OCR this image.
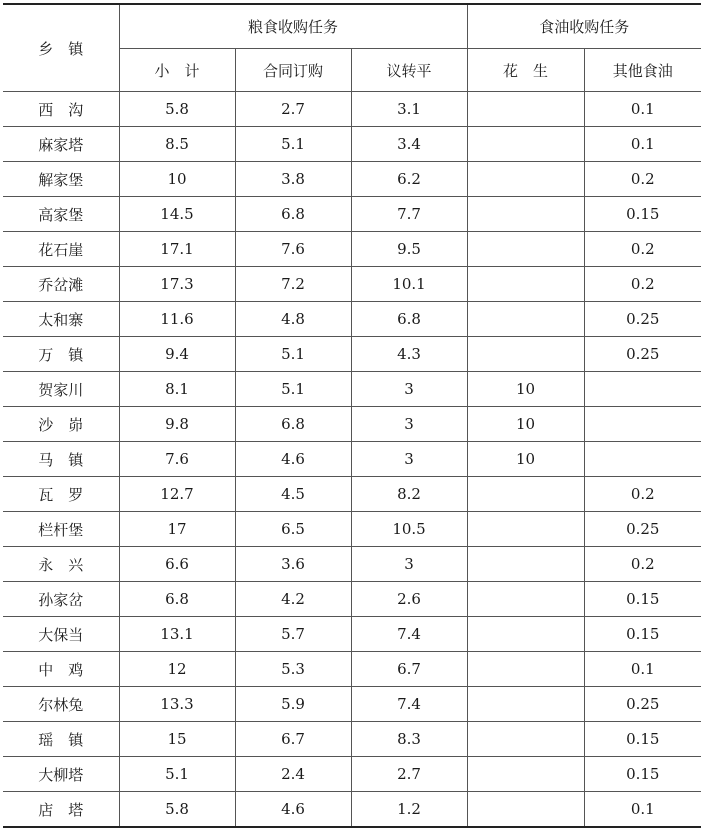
乡　镇	粮食收购任务			食油收购任务	
	小　计	合同订购	议转平	花　生	其他食油
西　沟	5.8	2.7	3.1		0.1
麻家塔	8.5	5.1	3.4		0.1
解家堡	10	3.8	6.2		0.2
高家堡	14.5	6.8	7.7		0.15
花石崖	17.1	7.6	9.5		0.2
乔岔滩	17.3	7.2	10.1		0.2
太和寨	11.6	4.8	6.8		0.25
万　镇	9.4	5.1	4.3		0.25
贺家川	8.1	5.1	3	10	
沙　峁	9.8	6.8	3	10	
马　镇	7.6	4.6	3	10	
瓦　罗	12.7	4.5	8.2		0.2
栏杆堡	17	6.5	10.5		0.25
永　兴	6.6	3.6	3		0.2
孙家岔	6.8	4.2	2.6		0.15
大保当	13.1	5.7	7.4		0.15
中　鸡	12	5.3	6.7		0.1
尔林兔	13.3	5.9	7.4		0.25
瑶　镇	15	6.7	8.3		0.15
大柳塔	5.1	2.4	2.7		0.15
店　塔	5.8	4.6	1.2		0.1
